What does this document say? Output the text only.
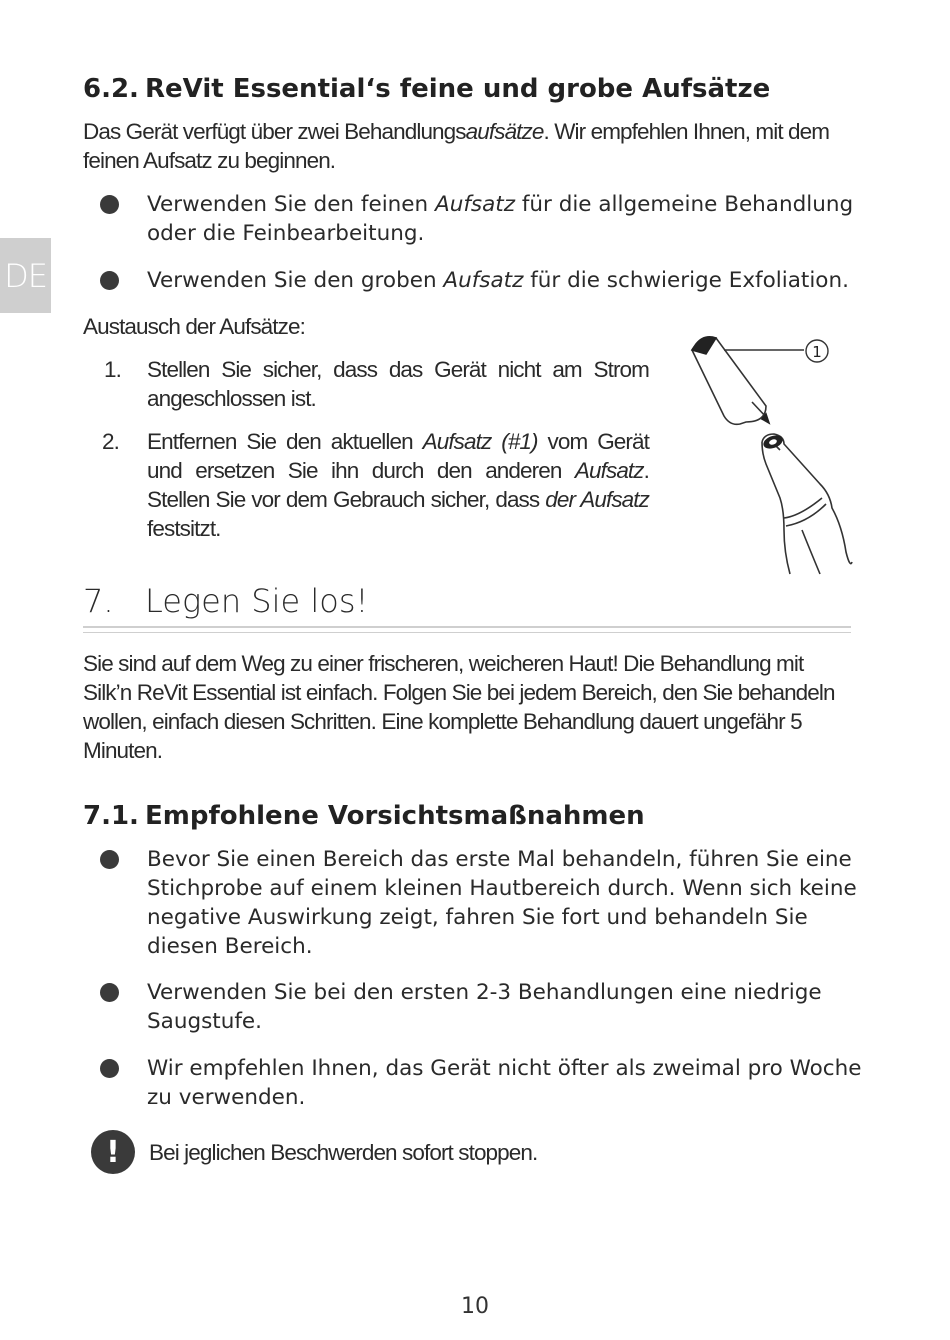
DE
6.2. ReVit Essential‘s feine und grobe Aufsätze
Das Gerät verfügt über zwei Behandlungsaufsätze. Wir empfehlen Ihnen, mit dem feinen Aufsatz zu beginnen.
Verwenden Sie den feinen Aufsatz für die allgemeine Behandlung oder die Feinbearbeitung.
Verwenden Sie den groben Aufsatz für die schwierige Exfoliation.
Austausch der Aufsätze:
1. Stellen Sie sicher, dass das Gerät nicht am Strom angeschlossen ist.
2. Entfernen Sie den aktuellen Aufsatz (#1) vom Gerät und ersetzen Sie ihn durch den anderen Aufsatz. Stellen Sie vor dem Gebrauch sicher, dass der Aufsatz festsitzt.
1
7. Legen Sie los!
Sie sind auf dem Weg zu einer frischeren, weicheren Haut! Die Behandlung mit Silk’n ReVit Essential ist einfach. Folgen Sie bei jedem Bereich, den Sie behandeln wollen, einfach diesen Schritten. Eine komplette Behandlung dauert ungefähr 5 Minuten.
7.1. Empfohlene Vorsichtsmaßnahmen
Bevor Sie einen Bereich das erste Mal behandeln, führen Sie eine Stichprobe auf einem kleinen Hautbereich durch. Wenn sich keine negative Auswirkung zeigt, fahren Sie fort und behandeln Sie diesen Bereich.
Verwenden Sie bei den ersten 2-3 Behandlungen eine niedrige Saugstufe.
Wir empfehlen Ihnen, das Gerät nicht öfter als zweimal pro Woche zu verwenden.
!	Bei jeglichen Beschwerden sofort stoppen.
10
